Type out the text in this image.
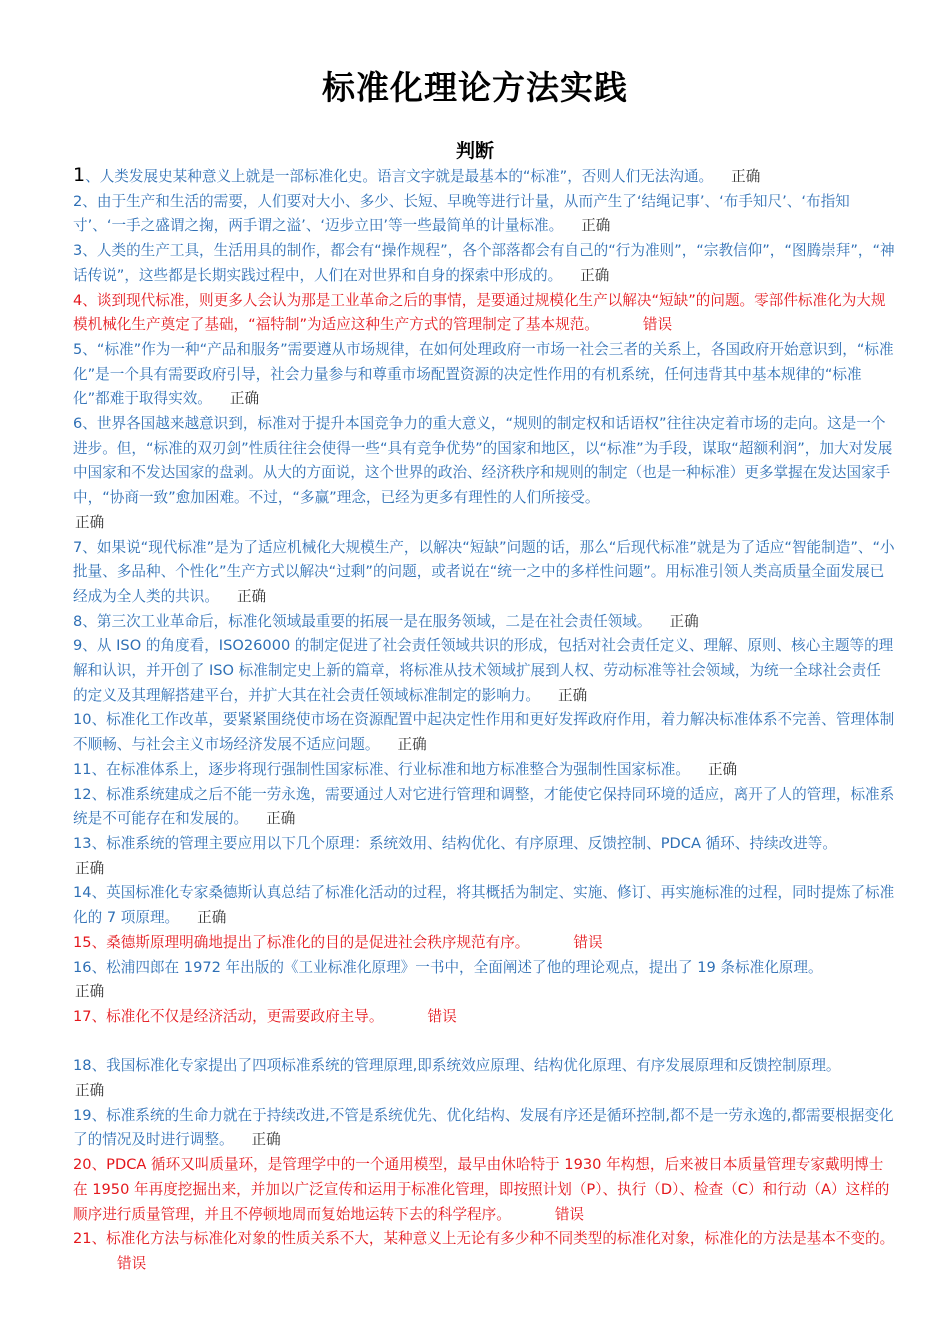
标准化理论方法实践
判断

1、人类发展史某种意义上就是一部标准化史。语言文字就是最基本的“标准”，否则人们无法沟通。 正确

2、由于生产和生活的需要，人们要对大小、多少、长短、早晚等进行计量，从而产生了‘结绳记事’、‘布手知尺’、‘布指知寸’、‘一手之盛谓之掬，两手谓之溢’、‘迈步立田’等一些最简单的计量标准。 正确

3、人类的生产工具，生活用具的制作，都会有“操作规程”，各个部落都会有自己的“行为准则”，“宗教信仰”，“图腾崇拜”，“神话传说”，这些都是长期实践过程中，人们在对世界和自身的探索中形成的。 正确

4、谈到现代标准，则更多人会认为那是工业革命之后的事情，是要通过规模化生产以解决“短缺”的问题。零部件标准化为大规模机械化生产奠定了基础，“福特制”为适应这种生产方式的管理制定了基本规范。	错误

5、“标准”作为一种“产品和服务”需要遵从市场规律，在如何处理政府一市场一社会三者的关系上，各国政府开始意识到，“标准化”是一个具有需要政府引导，社会力量参与和尊重市场配置资源的决定性作用的有机系统，任何违背其中基本规律的“标准化”都难于取得实效。 正确

6、世界各国越来越意识到，标准对于提升本国竞争力的重大意义，“规则的制定权和话语权”往往决定着市场的走向。这是一个进步。但，“标准的双刃剑”性质往往会使得一些“具有竞争优势”的国家和地区，以“标准”为手段，谋取“超额利润”，加大对发展中国家和不发达国家的盘剥。从大的方面说，这个世界的政治、经济秩序和规则的制定（也是一种标准）更多掌握在发达国家手中，“协商一致”愈加困难。不过，“多赢”理念，已经为更多有理性的人们所接受。
正确

7、如果说“现代标准”是为了适应机械化大规模生产，以解决“短缺”问题的话，那么“后现代标准”就是为了适应“智能制造”、“小批量、多品种、个性化”生产方式以解决“过剩”的问题，或者说在“统一之中的多样性问题”。用标准引领人类高质量全面发展已经成为全人类的共识。 正确

8、第三次工业革命后，标准化领域最重要的拓展一是在服务领域，二是在社会责任领域。 正确

9、从 ISO 的角度看，ISO26000 的制定促进了社会责任领域共识的形成，包括对社会责任定义、理解、原则、核心主题等的理解和认识，并开创了 ISO 标准制定史上新的篇章，将标准从技术领域扩展到人权、劳动标准等社会领域，为统一全球社会责任的定义及其理解搭建平台，并扩大其在社会责任领域标准制定的影响力。 正确

10、标准化工作改革，要紧紧围绕使市场在资源配置中起决定性作用和更好发挥政府作用，着力解决标准体系不完善、管理体制不顺畅、与社会主义市场经济发展不适应问题。 正确

11、在标准体系上，逐步将现行强制性国家标准、行业标准和地方标准整合为强制性国家标准。 正确

12、标准系统建成之后不能一劳永逸，需要通过人对它进行管理和调整，才能使它保持同环境的适应，离开了人的管理，标准系统是不可能存在和发展的。 正确

13、标准系统的管理主要应用以下几个原理：系统效用、结构优化、有序原理、反馈控制、PDCA 循环、持续改进等。
正确

14、英国标准化专家桑德斯认真总结了标准化活动的过程，将其概括为制定、实施、修订、再实施标准的过程，同时提炼了标准化的 7 项原理。 正确

15、桑德斯原理明确地提出了标准化的目的是促进社会秩序规范有序。	错误

16、松浦四郎在 1972 年出版的《工业标准化原理》一书中，全面阐述了他的理论观点，提出了 19 条标准化原理。
正确

17、标准化不仅是经济活动，更需要政府主导。	错误

18、我国标准化专家提出了四项标准系统的管理原理,即系统效应原理、结构优化原理、有序发展原理和反馈控制原理。
正确

19、标准系统的生命力就在于持续改进,不管是系统优先、优化结构、发展有序还是循环控制,都不是一劳永逸的,都需要根据变化了的情况及时进行调整。 正确

20、PDCA 循环又叫质量环，是管理学中的一个通用模型，最早由休哈特于 1930 年构想，后来被日本质量管理专家戴明博士在 1950 年再度挖掘出来，并加以广泛宣传和运用于标准化管理，即按照计划（P）、执行（D）、检查（C）和行动（A）这样的顺序进行质量管理，并且不停顿地周而复始地运转下去的科学程序。	错误

21、标准化方法与标准化对象的性质关系不大，某种意义上无论有多少种不同类型的标准化对象，标准化的方法是基本不变的。错误
